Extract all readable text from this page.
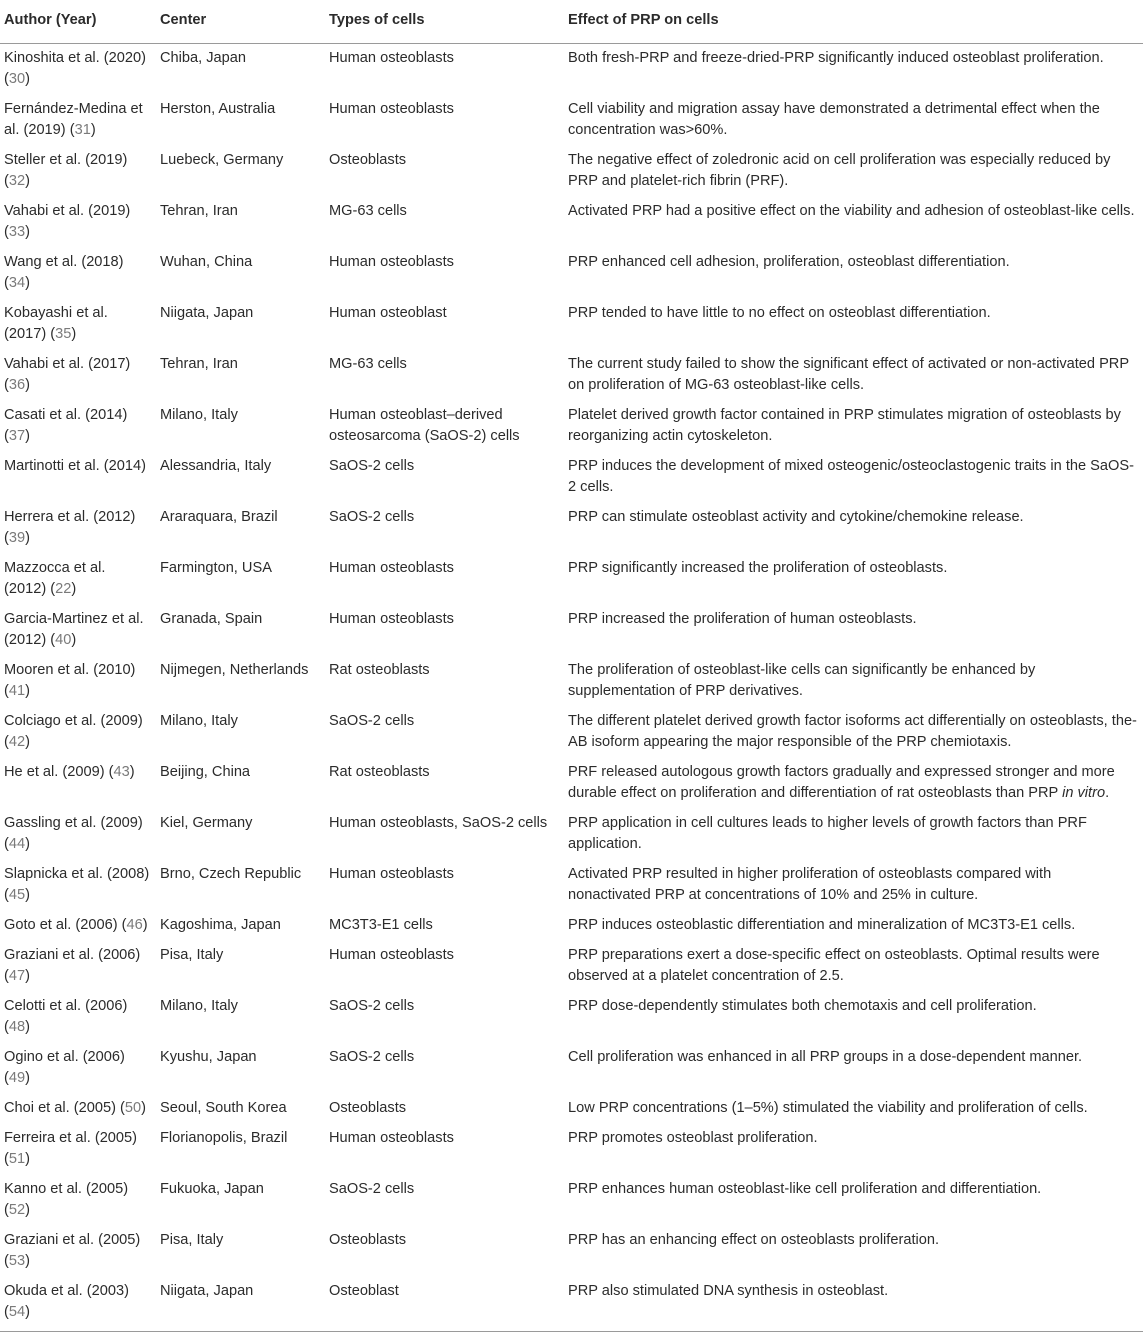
Author (Year)	Center	Types of cells	Effect of PRP on cells
Kinoshita et al. (2020) (30)	Chiba, Japan	Human osteoblasts	Both fresh-PRP and freeze-dried-PRP significantly induced osteoblast proliferation.
Fernández-Medina et al. (2019) (31)	Herston, Australia	Human osteoblasts	Cell viability and migration assay have demonstrated a detrimental effect when the concentration was>60%.
Steller et al. (2019) (32)	Luebeck, Germany	Osteoblasts	The negative effect of zoledronic acid on cell proliferation was especially reduced by PRP and platelet-rich fibrin (PRF).
Vahabi et al. (2019) (33)	Tehran, Iran	MG-63 cells	Activated PRP had a positive effect on the viability and adhesion of osteoblast-like cells.
Wang et al. (2018) (34)	Wuhan, China	Human osteoblasts	PRP enhanced cell adhesion, proliferation, osteoblast differentiation.
Kobayashi et al. (2017) (35)	Niigata, Japan	Human osteoblast	PRP tended to have little to no effect on osteoblast differentiation.
Vahabi et al. (2017) (36)	Tehran, Iran	MG-63 cells	The current study failed to show the significant effect of activated or non-activated PRP on proliferation of MG-63 osteoblast-like cells.
Casati et al. (2014) (37)	Milano, Italy	Human osteoblast–derived osteosarcoma (SaOS-2) cells	Platelet derived growth factor contained in PRP stimulates migration of osteoblasts by reorganizing actin cytoskeleton.
Martinotti et al. (2014)	Alessandria, Italy	SaOS-2 cells	PRP induces the development of mixed osteogenic/osteoclastogenic traits in the SaOS-2 cells.
Herrera et al. (2012) (39)	Araraquara, Brazil	SaOS-2 cells	PRP can stimulate osteoblast activity and cytokine/chemokine release.
Mazzocca et al. (2012) (22)	Farmington, USA	Human osteoblasts	PRP significantly increased the proliferation of osteoblasts.
Garcia-Martinez et al. (2012) (40)	Granada, Spain	Human osteoblasts	PRP increased the proliferation of human osteoblasts.
Mooren et al. (2010) (41)	Nijmegen, Netherlands	Rat osteoblasts	The proliferation of osteoblast-like cells can significantly be enhanced by supplementation of PRP derivatives.
Colciago et al. (2009) (42)	Milano, Italy	SaOS-2 cells	The different platelet derived growth factor isoforms act differentially on osteoblasts, the-AB isoform appearing the major responsible of the PRP chemiotaxis.
He et al. (2009) (43)	Beijing, China	Rat osteoblasts	PRF released autologous growth factors gradually and expressed stronger and more durable effect on proliferation and differentiation of rat osteoblasts than PRP in vitro.
Gassling et al. (2009) (44)	Kiel, Germany	Human osteoblasts, SaOS-2 cells	PRP application in cell cultures leads to higher levels of growth factors than PRF application.
Slapnicka et al. (2008) (45)	Brno, Czech Republic	Human osteoblasts	Activated PRP resulted in higher proliferation of osteoblasts compared with nonactivated PRP at concentrations of 10% and 25% in culture.
Goto et al. (2006) (46)	Kagoshima, Japan	MC3T3-E1 cells	PRP induces osteoblastic differentiation and mineralization of MC3T3-E1 cells.
Graziani et al. (2006) (47)	Pisa, Italy	Human osteoblasts	PRP preparations exert a dose-specific effect on osteoblasts. Optimal results were observed at a platelet concentration of 2.5.
Celotti et al. (2006) (48)	Milano, Italy	SaOS-2 cells	PRP dose-dependently stimulates both chemotaxis and cell proliferation.
Ogino et al. (2006) (49)	Kyushu, Japan	SaOS-2 cells	Cell proliferation was enhanced in all PRP groups in a dose-dependent manner.
Choi et al. (2005) (50)	Seoul, South Korea	Osteoblasts	Low PRP concentrations (1–5%) stimulated the viability and proliferation of cells.
Ferreira et al. (2005) (51)	Florianopolis, Brazil	Human osteoblasts	PRP promotes osteoblast proliferation.
Kanno et al. (2005) (52)	Fukuoka, Japan	SaOS-2 cells	PRP enhances human osteoblast-like cell proliferation and differentiation.
Graziani et al. (2005) (53)	Pisa, Italy	Osteoblasts	PRP has an enhancing effect on osteoblasts proliferation.
Okuda et al. (2003) (54)	Niigata, Japan	Osteoblast	PRP also stimulated DNA synthesis in osteoblast.
